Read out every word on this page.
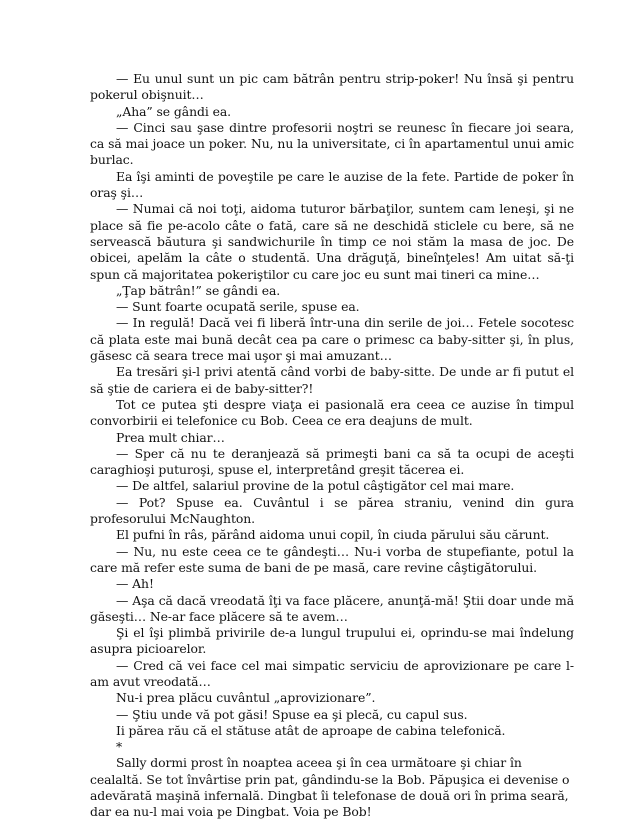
— Eu unul sunt un pic cam bătrân pentru strip-poker! Nu însă şi pentru pokerul obişnuit…

„Aha” se gândi ea.

— Cinci sau şase dintre profesorii noştri se reunesc în fiecare joi seara, ca să mai joace un poker. Nu, nu la universitate, ci în apartamentul unui amic burlac.

Ea îşi aminti de poveştile pe care le auzise de la fete. Partide de poker în oraş şi…

— Numai că noi toţi, aidoma tuturor bărbaţilor, suntem cam leneşi, şi ne place să fie pe-acolo câte o fată, care să ne deschidă sticlele cu bere, să ne servească băutura şi sandwichurile în timp ce noi stăm la masa de joc. De obicei, apelăm la câte o studentă. Una drăguţă, bineînţeles! Am uitat să-ţi spun că majoritatea pokeriştilor cu care joc eu sunt mai tineri ca mine…

„Ţap bătrân!” se gândi ea.

— Sunt foarte ocupată serile, spuse ea.

— In regulă! Dacă vei fi liberă într-una din serile de joi… Fetele socotesc că plata este mai bună decât cea pa care o primesc ca baby-sitter şi, în plus, găsesc că seara trece mai uşor şi mai amuzant…

Ea tresări şi-l privi atentă când vorbi de baby-sitte. De unde ar fi putut el să ştie de cariera ei de baby-sitter?!

Tot ce putea şti despre viaţa ei pasională era ceea ce auzise în timpul convorbirii ei telefonice cu Bob. Ceea ce era deajuns de mult.

Prea mult chiar…

— Sper că nu te deranjează să primeşti bani ca să ta ocupi de aceşti caraghioşi puturoşi, spuse el, interpretând greşit tăcerea ei.

— De altfel, salariul provine de la potul câştigător cel mai mare.

— Pot? Spuse ea. Cuvântul i se părea straniu, venind din gura profesorului McNaughton.

El pufni în râs, părând aidoma unui copil, în ciuda părului său cărunt.

— Nu, nu este ceea ce te gândeşti… Nu-i vorba de stupefiante, potul la care mă refer este suma de bani de pe masă, care revine câştigătorului.

— Ah!

— Aşa că dacă vreodată îţi va face plăcere, anunţă-mă! Ştii doar unde mă găseşti… Ne-ar face plăcere să te avem…

Şi el îşi plimbă privirile de-a lungul trupului ei, oprindu-se mai îndelung asupra picioarelor.

— Cred că vei face cel mai simpatic serviciu de aprovizionare pe care l-am avut vreodată…

Nu-i prea plăcu cuvântul „aprovizionare”.

— Ştiu unde vă pot găsi! Spuse ea şi plecă, cu capul sus.

Ii părea rău că el stătuse atât de aproape de cabina telefonică.

*

Sally dormi prost în noaptea aceea şi în cea următoare şi chiar în cealaltă. Se tot învârtise prin pat, gândindu-se la Bob. Păpuşica ei devenise o adevărată maşină infernală. Dingbat îi telefonase de două ori în prima seară, dar ea nu-l mai voia pe Dingbat. Voia pe Bob!
